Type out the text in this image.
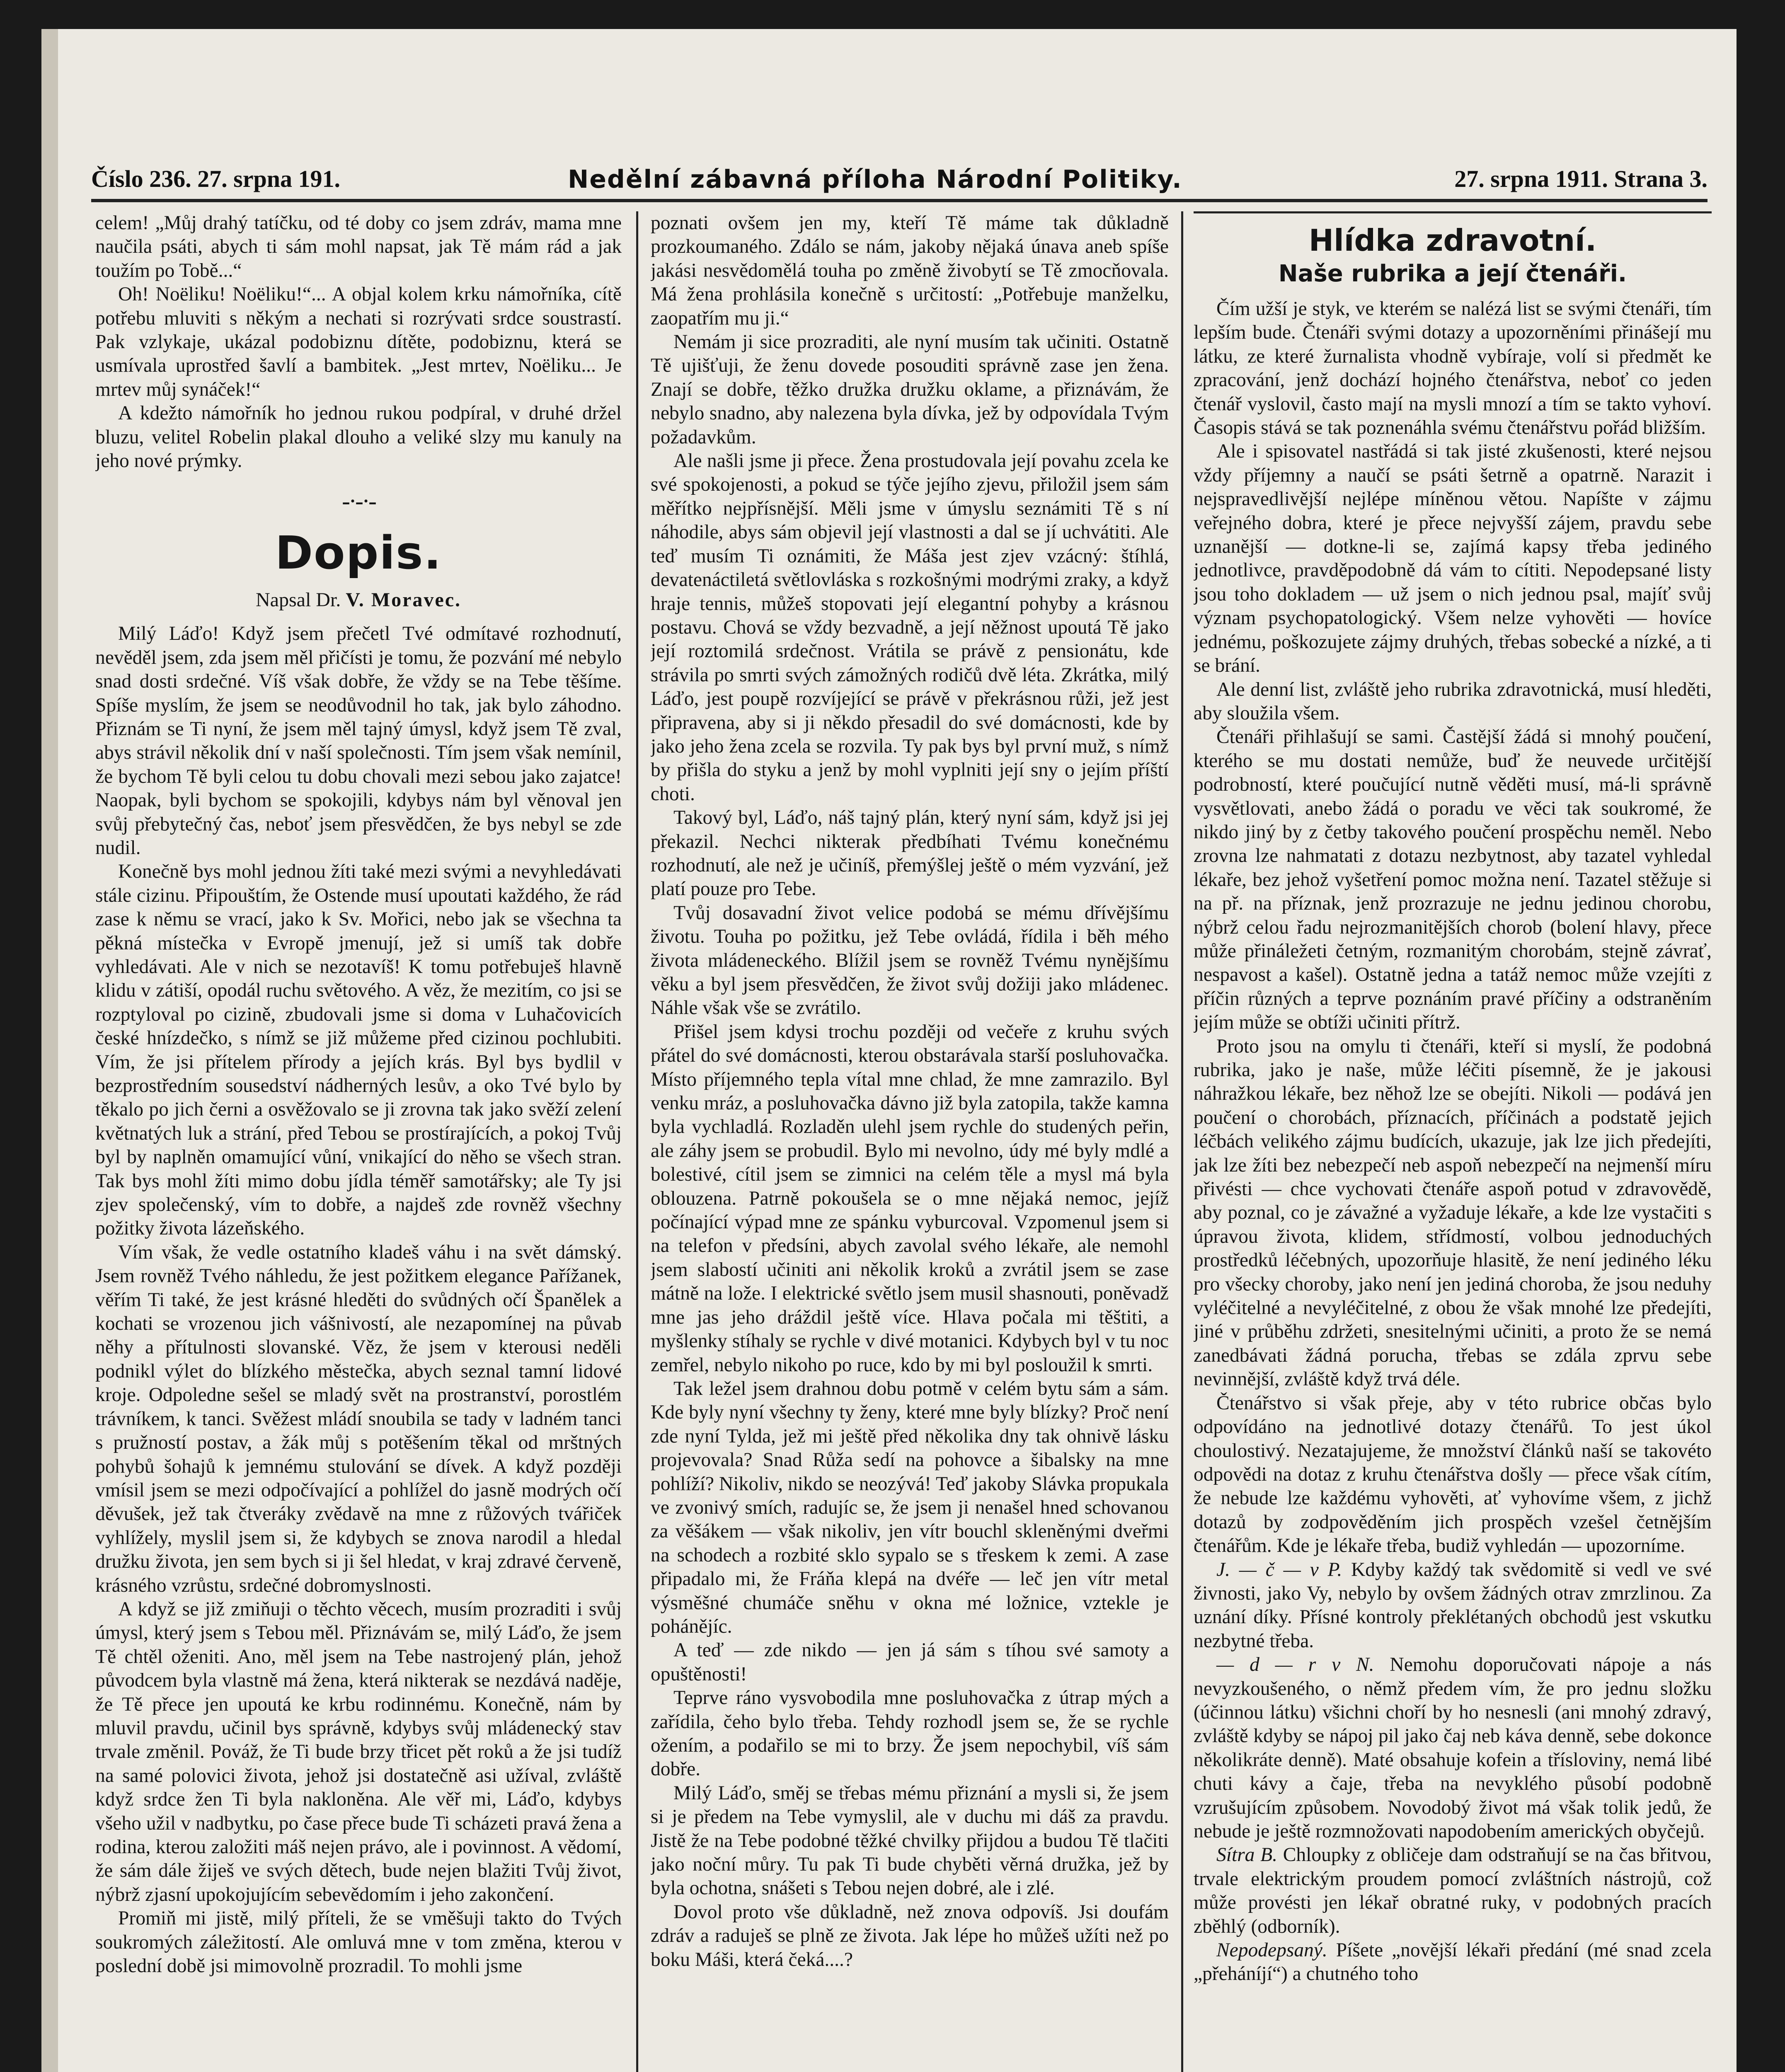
Číslo 236. 27. srpna 191.	Nedělní zábavná příloha Národní Politiky.	27. srpna 1911. Strana 3.

celem! „Můj drahý tatíčku, od té doby co jsem zdráv, mama mne naučila psáti, abych ti sám mohl napsat, jak Tě mám rád a jak toužím po Tobě...“

Oh! Noëliku! Noëliku!“... A objal kolem krku námořníka, cítě potřebu mluviti s někým a nechati si rozrývati srdce soustrastí. Pak vzlykaje, ukázal podobiznu dítěte, podobiznu, která se usmívala uprostřed šavlí a bambitek. „Jest mrtev, Noëliku... Je mrtev můj synáček!“

A kdežto námořník ho jednou rukou podpíral, v druhé držel bluzu, velitel Robelin plakal dlouho a veliké slzy mu kanuly na jeho nové prýmky.

-·-·-
Dopis.
Napsal Dr. V. Moravec.

Milý Láďo! Když jsem přečetl Tvé odmítavé rozhodnutí, nevěděl jsem, zda jsem měl přičísti je tomu, že pozvání mé nebylo snad dosti srdečné. Víš však dobře, že vždy se na Tebe těšíme. Spíše myslím, že jsem se neodůvodnil ho tak, jak bylo záhodno. Přiznám se Ti nyní, že jsem měl tajný úmysl, když jsem Tě zval, abys strávil několik dní v naší společnosti. Tím jsem však nemínil, že bychom Tě byli celou tu dobu chovali mezi sebou jako zajatce! Naopak, byli bychom se spokojili, kdybys nám byl věnoval jen svůj přebytečný čas, neboť jsem přesvědčen, že bys nebyl se zde nudil.

Konečně bys mohl jednou žíti také mezi svými a nevyhledávati stále cizinu. Připouštím, že Ostende musí upoutati každého, že rád zase k němu se vrací, jako k Sv. Mořici, nebo jak se všechna ta pěkná místečka v Evropě jmenují, jež si umíš tak dobře vyhledávati. Ale v nich se nezotavíš! K tomu potřebuješ hlavně klidu v zátiší, opodál ruchu světového. A věz, že mezitím, co jsi se rozptyloval po cizině, zbudovali jsme si doma v Luhačovicích české hnízdečko, s nímž se již můžeme před cizinou pochlubiti. Vím, že jsi přítelem přírody a jejích krás. Byl bys bydlil v bezprostředním sousedství nádherných lesův, a oko Tvé bylo by těkalo po jich černi a osvěžovalo se ji zrovna tak jako svěží zelení květnatých luk a strání, před Tebou se prostírajících, a pokoj Tvůj byl by naplněn omamující vůní, vnikající do něho se všech stran. Tak bys mohl žíti mimo dobu jídla téměř samotářsky; ale Ty jsi zjev společenský, vím to dobře, a najdeš zde rovněž všechny požitky života lázeňského.

Vím však, že vedle ostatního kladeš váhu i na svět dámský. Jsem rovněž Tvého náhledu, že jest požitkem elegance Pařížanek, věřím Ti také, že jest krásné hleděti do svůdných očí Španělek a kochati se vrozenou jich vášnivostí, ale nezapomínej na půvab něhy a přítulnosti slovanské. Věz, že jsem v kterousi neděli podnikl výlet do blízkého městečka, abych seznal tamní lidové kroje. Odpoledne sešel se mladý svět na prostranství, porostlém trávníkem, k tanci. Svěžest mládí snoubila se tady v ladném tanci s pružností postav, a žák můj s potěšením těkal od mrštných pohybů šohajů k jemnému stulování se dívek. A když později vmísil jsem se mezi odpočívající a pohlížel do jasně modrých očí děvušek, jež tak čtveráky zvědavě na mne z růžových tvářiček vyhlížely, myslil jsem si, že kdybych se znova narodil a hledal družku života, jen sem bych si ji šel hledat, v kraj zdravé červeně, krásného vzrůstu, srdečné dobromyslnosti.

A když se již zmiňuji o těchto věcech, musím prozraditi i svůj úmysl, který jsem s Tebou měl. Přiznávám se, milý Láďo, že jsem Tě chtěl oženiti. Ano, měl jsem na Tebe nastrojený plán, jehož původcem byla vlastně má žena, která nikterak se nezdává naděje, že Tě přece jen upoutá ke krbu rodinnému. Konečně, nám by mluvil pravdu, učinil bys správně, kdybys svůj mládenecký stav trvale změnil. Pováž, že Ti bude brzy třicet pět roků a že jsi tudíž na samé polovici života, jehož jsi dostatečně asi užíval, zvláště když srdce žen Ti byla nakloněna. Ale věř mi, Láďo, kdybys všeho užil v nadbytku, po čase přece bude Ti scházeti pravá žena a rodina, kterou založiti máš nejen právo, ale i povinnost. A vědomí, že sám dále žiješ ve svých dětech, bude nejen blažiti Tvůj život, nýbrž zjasní upokojujícím sebevědomím i jeho zakončení.

Promiň mi jistě, milý příteli, že se vměšuji takto do Tvých soukromých záležitostí. Ale omluvá mne v tom změna, kterou v poslední době jsi mimovolně prozradil. To mohli jsme

poznati ovšem jen my, kteří Tě máme tak důkladně prozkoumaného. Zdálo se nám, jakoby nějaká únava aneb spíše jakási nesvědomělá touha po změně živobytí se Tě zmocňovala. Má žena prohlásila konečně s určitostí: „Potřebuje manželku, zaopatřím mu ji.“

Nemám ji sice prozraditi, ale nyní musím tak učiniti. Ostatně Tě ujišťuji, že ženu dovede posouditi správně zase jen žena. Znají se dobře, těžko družka družku oklame, a přiznávám, že nebylo snadno, aby nalezena byla dívka, jež by odpovídala Tvým požadavkům.

Ale našli jsme ji přece. Žena prostudovala její povahu zcela ke své spokojenosti, a pokud se týče jejího zjevu, přiložil jsem sám měřítko nejpřísnější. Měli jsme v úmyslu seznámiti Tě s ní náhodile, abys sám objevil její vlastnosti a dal se jí uchvátiti. Ale teď musím Ti oznámiti, že Máša jest zjev vzácný: štíhlá, devatenáctiletá světlovláska s rozkošnými modrými zraky, a když hraje tennis, můžeš stopovati její elegantní pohyby a krásnou postavu. Chová se vždy bezvadně, a její něžnost upoutá Tě jako její roztomilá srdečnost. Vrátila se právě z pensionátu, kde strávila po smrti svých zámožných rodičů dvě léta. Zkrátka, milý Láďo, jest poupě rozvíjející se právě v překrásnou růži, jež jest připravena, aby si ji někdo přesadil do své domácnosti, kde by jako jeho žena zcela se rozvila. Ty pak bys byl první muž, s nímž by přišla do styku a jenž by mohl vyplniti její sny o jejím příští choti.

Takový byl, Láďo, náš tajný plán, který nyní sám, když jsi jej překazil. Nechci nikterak předbíhati Tvému konečnému rozhodnutí, ale než je učiníš, přemýšlej ještě o mém vyzvání, jež platí pouze pro Tebe.

Tvůj dosavadní život velice podobá se mému dřívějšímu životu. Touha po požitku, jež Tebe ovládá, řídila i běh mého života mládeneckého. Blížil jsem se rovněž Tvému nynějšímu věku a byl jsem přesvědčen, že život svůj dožiji jako mládenec. Náhle však vše se zvrátilo.

Přišel jsem kdysi trochu později od večeře z kruhu svých přátel do své domácnosti, kterou obstarávala starší posluhovačka. Místo příjemného tepla vítal mne chlad, že mne zamrazilo. Byl venku mráz, a posluhovačka dávno již byla zatopila, takže kamna byla vychladlá. Rozladěn ulehl jsem rychle do studených peřin, ale záhy jsem se probudil. Bylo mi nevolno, údy mé byly mdlé a bolestivé, cítil jsem se zimnici na celém těle a mysl má byla oblouzena. Patrně pokoušela se o mne nějaká nemoc, jejíž počínající výpad mne ze spánku vyburcoval. Vzpomenul jsem si na telefon v předsíni, abych zavolal svého lékaře, ale nemohl jsem slabostí učiniti ani několik kroků a zvrátil jsem se zase mátně na lože. I elektrické světlo jsem musil shasnouti, poněvadž mne jas jeho dráždil ještě více. Hlava počala mi těštiti, a myšlenky stíhaly se rychle v divé motanici. Kdybych byl v tu noc zemřel, nebylo nikoho po ruce, kdo by mi byl posloužil k smrti.

Tak ležel jsem drahnou dobu potmě v celém bytu sám a sám. Kde byly nyní všechny ty ženy, které mne byly blízky? Proč není zde nyní Tylda, jež mi ještě před několika dny tak ohnivě lásku projevovala? Snad Růža sedí na pohovce a šibalsky na mne pohlíží? Nikoliv, nikdo se neozývá! Teď jakoby Slávka propukala ve zvonivý smích, radujíc se, že jsem ji nenašel hned schovanou za věšákem — však nikoliv, jen vítr bouchl skleněnými dveřmi na schodech a rozbité sklo sypalo se s třeskem k zemi. A zase připadalo mi, že Fráňa klepá na dvéře — leč jen vítr metal výsměšné chumáče sněhu v okna mé ložnice, vztekle je pohánějíc.

A teď — zde nikdo — jen já sám s tíhou své samoty a opuštěnosti!

Teprve ráno vysvobodila mne posluhovačka z útrap mých a zařídila, čeho bylo třeba. Tehdy rozhodl jsem se, že se rychle ožením, a podařilo se mi to brzy. Že jsem nepochybil, víš sám dobře.

Milý Láďo, směj se třebas mému přiznání a mysli si, že jsem si je předem na Tebe vymyslil, ale v duchu mi dáš za pravdu. Jistě že na Tebe podobné těžké chvilky přijdou a budou Tě tlačiti jako noční můry. Tu pak Ti bude chyběti věrná družka, jež by byla ochotna, snášeti s Tebou nejen dobré, ale i zlé.

Dovol proto vše důkladně, než znova odpovíš. Jsi doufám zdráv a raduješ se plně ze života. Jak lépe ho můžeš užíti než po boku Máši, která čeká....?

Hlídka zdravotní.
Naše rubrika a její čtenáři.

Čím užší je styk, ve kterém se nalézá list se svými čtenáři, tím lepším bude. Čtenáři svými dotazy a upozorněními přinášejí mu látku, ze které žurnalista vhodně vybíraje, volí si předmět ke zpracování, jenž dochází hojného čtenářstva, neboť co jeden čtenář vyslovil, často mají na mysli mnozí a tím se takto vyhoví. Časopis stává se tak poznenáhla svému čtenářstvu pořád bližším.

Ale i spisovatel nastřádá si tak jisté zkušenosti, které nejsou vždy příjemny a naučí se psáti šetrně a opatrně. Narazit i nejspravedlivější nejlépe míněnou větou. Napíšte v zájmu veřejného dobra, které je přece nejvyšší zájem, pravdu sebe uznanější — dotkne-li se, zajímá kapsy třeba jediného jednotlivce, pravděpodobně dá vám to cítiti. Nepodepsané listy jsou toho dokladem — už jsem o nich jednou psal, majíť svůj význam psychopatologický. Všem nelze vyhověti — hovíce jednému, poškozujete zájmy druhých, třebas sobecké a nízké, a ti se brání.

Ale denní list, zvláště jeho rubrika zdravotnická, musí hleděti, aby sloužila všem.

Čtenáři přihlašují se sami. Častější žádá si mnohý poučení, kterého se mu dostati nemůže, buď že neuvede určitější podrobností, které poučující nutně věděti musí, má-li správně vysvětlovati, anebo žádá o poradu ve věci tak soukromé, že nikdo jiný by z četby takového poučení prospěchu neměl. Nebo zrovna lze nahmatati z dotazu nezbytnost, aby tazatel vyhledal lékaře, bez jehož vyšetření pomoc možna není. Tazatel stěžuje si na př. na příznak, jenž prozrazuje ne jednu jedinou chorobu, nýbrž celou řadu nejrozmanitějších chorob (bolení hlavy, přece může přináležeti četným, rozmanitým chorobám, stejně závrať, nespavost a kašel). Ostatně jedna a tatáž nemoc může vzejíti z příčin různých a teprve poznáním pravé příčiny a odstraněním jejím může se obtíži učiniti přítrž.

Proto jsou na omylu ti čtenáři, kteří si myslí, že podobná rubrika, jako je naše, může léčiti písemně, že je jakousi náhražkou lékaře, bez něhož lze se obejíti. Nikoli — podává jen poučení o chorobách, příznacích, příčinách a podstatě jejich léčbách velikého zájmu budících, ukazuje, jak lze jich předejíti, jak lze žíti bez nebezpečí neb aspoň nebezpečí na nejmenší míru přivésti — chce vychovati čtenáře aspoň potud v zdravovědě, aby poznal, co je závažné a vyžaduje lékaře, a kde lze vystačiti s úpravou života, klidem, střídmostí, volbou jednoduchých prostředků léčebných, upozorňuje hlasitě, že není jediného léku pro všecky choroby, jako není jen jediná choroba, že jsou neduhy vyléčitelné a nevyléčitelné, z obou že však mnohé lze předejíti, jiné v průběhu zdržeti, snesitelnými učiniti, a proto že se nemá zanedbávati žádná porucha, třebas se zdála zprvu sebe nevinnější, zvláště když trvá déle.

Čtenářstvo si však přeje, aby v této rubrice občas bylo odpovídáno na jednotlivé dotazy čtenářů. To jest úkol choulostivý. Nezatajujeme, že množství článků naší se takovéto odpovědi na dotaz z kruhu čtenářstva došly — přece však cítím, že nebude lze každému vyhověti, ať vyhovíme všem, z jichž dotazů by zodpověděním jich prospěch vzešel četnějším čtenářům. Kde je lékaře třeba, budiž vyhledán — upozorníme.

J. — č — v P. Kdyby každý tak svědomitě si vedl ve své živnosti, jako Vy, nebylo by ovšem žádných otrav zmrzlinou. Za uznání díky. Přísné kontroly překlétaných obchodů jest vskutku nezbytné třeba.

— d — r v N. Nemohu doporučovati nápoje a nás nevyzkoušeného, o němž předem vím, že pro jednu složku (účinnou látku) všichni choří by ho nesnesli (ani mnohý zdravý, zvláště kdyby se nápoj pil jako čaj neb káva denně, sebe dokonce několikráte denně). Maté obsahuje kofein a třísloviny, nemá libé chuti kávy a čaje, třeba na nevyklého působí podobně vzrušujícím způsobem. Novodobý život má však tolik jedů, že nebude je ještě rozmnožovati napodobením amerických obyčejů.

Sítra B. Chloupky z obličeje dam odstraňují se na čas břitvou, trvale elektrickým proudem pomocí zvláštních nástrojů, což může provésti jen lékař obratné ruky, v podobných pracích zběhlý (odborník).

Nepodepsaný. Píšete „novější lékaři předání (mé snad zcela „přeháníjí“) a chutného toho
